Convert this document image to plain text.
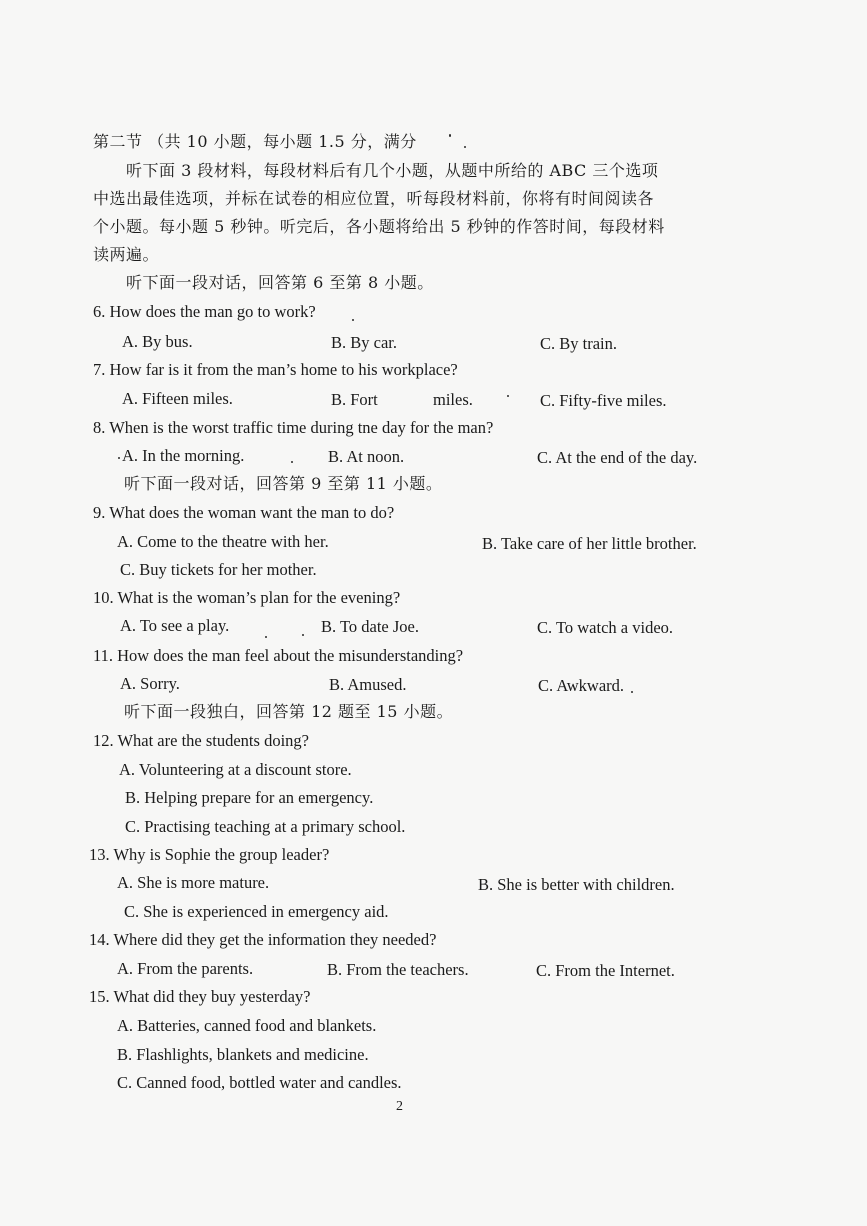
第二节 （共 10 小题，每小题 1.5 分，满分
听下面 3 段材料，每段材料后有几个小题，从题中所给的 ABC 三个选项
中选出最佳选项，并标在试卷的相应位置，听每段材料前，你将有时间阅读各
个小题。每小题 5 秒钟。听完后，各小题将给出 5 秒钟的作答时间，每段材料
读两遍。
听下面一段对话，回答第 6 至第 8 小题。
6. How does the man go to work?
A. By bus.	B. By car.	C. By train.
7. How far is it from the man’s home to his workplace?
A. Fifteen miles.	B. Fort	miles.	C. Fifty-five miles.
8. When is the worst traffic time during tne day for the man?
A. In the morning.	B. At noon.	C. At the end of the day.
听下面一段对话，回答第 9 至第 11 小题。
9. What does the woman want the man to do?
A. Come to the theatre with her.	B. Take care of her little brother.
C. Buy tickets for her mother.
10. What is the woman’s plan for the evening?
A. To see a play.	B. To date Joe.	C. To watch a video.
11. How does the man feel about the misunderstanding?
A. Sorry.	B. Amused.	C. Awkward.
听下面一段独白，回答第 12 题至 15 小题。
12. What are the students doing?
A. Volunteering at a discount store.
B. Helping prepare for an emergency.
C. Practising teaching at a primary school.
13. Why is Sophie the group leader?
A. She is more mature.	B. She is better with children.
C. She is experienced in emergency aid.
14. Where did they get the information they needed?
A. From the parents.	B. From the teachers.	C. From the Internet.
15. What did they buy yesterday?
A. Batteries, canned food and blankets.
B. Flashlights, blankets and medicine.
C. Canned food, bottled water and candles.
2
